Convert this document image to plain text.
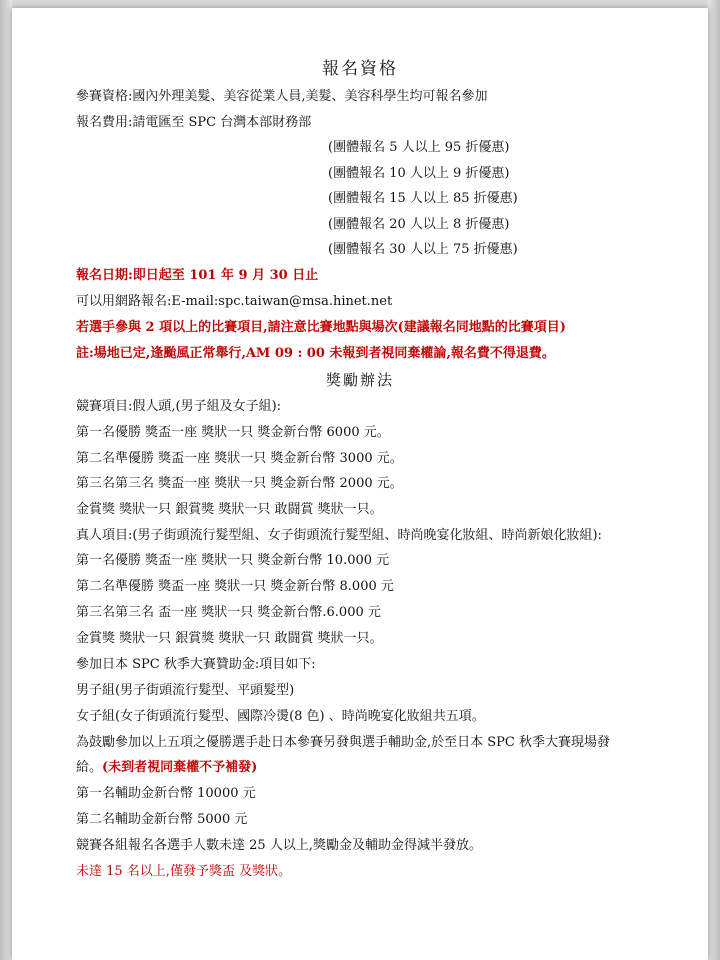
報名資格
參賽資格:國內外理美髮、美容從業人員,美髮、美容科學生均可報名參加
報名費用:請電匯至 SPC 台灣本部財務部
(團體報名 5 人以上 95 折優惠)
(團體報名 10 人以上 9 折優惠)
(團體報名 15 人以上 85 折優惠)
(團體報名 20 人以上 8 折優惠)
(團體報名 30 人以上 75 折優惠)
報名日期:即日起至 101 年 9 月 30 日止
可以用網路報名:E-mail:spc.taiwan@msa.hinet.net
若選手參與 2 項以上的比賽項目,請注意比賽地點與場次(建議報名同地點的比賽項目)
註:場地已定,逢颱風正常舉行,AM 09 : 00 未報到者視同棄權論,報名費不得退費。
獎勵辦法
競賽項目:假人頭,(男子組及女子組):
第一名優勝 獎盃一座 獎狀一只 獎金新台幣 6000 元。
第二名準優勝 獎盃一座 獎狀一只 獎金新台幣 3000 元。
第三名第三名 獎盃一座 獎狀一只 獎金新台幣 2000 元。
金賞獎 獎狀一只 銀賞獎 獎狀一只 敢闘賞 獎狀一只。
真人項目:(男子街頭流行髮型組、女子街頭流行髮型組、時尚晚宴化妝組、時尚新娘化妝組):
第一名優勝 獎盃一座 獎狀一只 獎金新台幣 10.000 元
第二名準優勝 獎盃一座 獎狀一只 獎金新台幣 8.000 元
第三名第三名 盃一座 獎狀一只 獎金新台幣.6.000 元
金賞獎 獎狀一只 銀賞獎 獎狀一只 敢闘賞 獎狀一只。
參加日本 SPC 秋季大賽贊助金:項目如下:
男子組(男子街頭流行髮型、平頭髮型)
女子組(女子街頭流行髮型、國際冷燙(8 色) 、時尚晚宴化妝組共五項。
為鼓勵參加以上五項之優勝選手赴日本參賽另發與選手輔助金,於至日本 SPC 秋季大賽現場發
給。(未到者視同棄權不予補發)
第一名輔助金新台幣 10000 元
第二名輔助金新台幣 5000 元
競賽各組報名各選手人數未達 25 人以上,獎勵金及輔助金得減半發放。
未達 15 名以上,僅發予獎盃 及獎狀。
